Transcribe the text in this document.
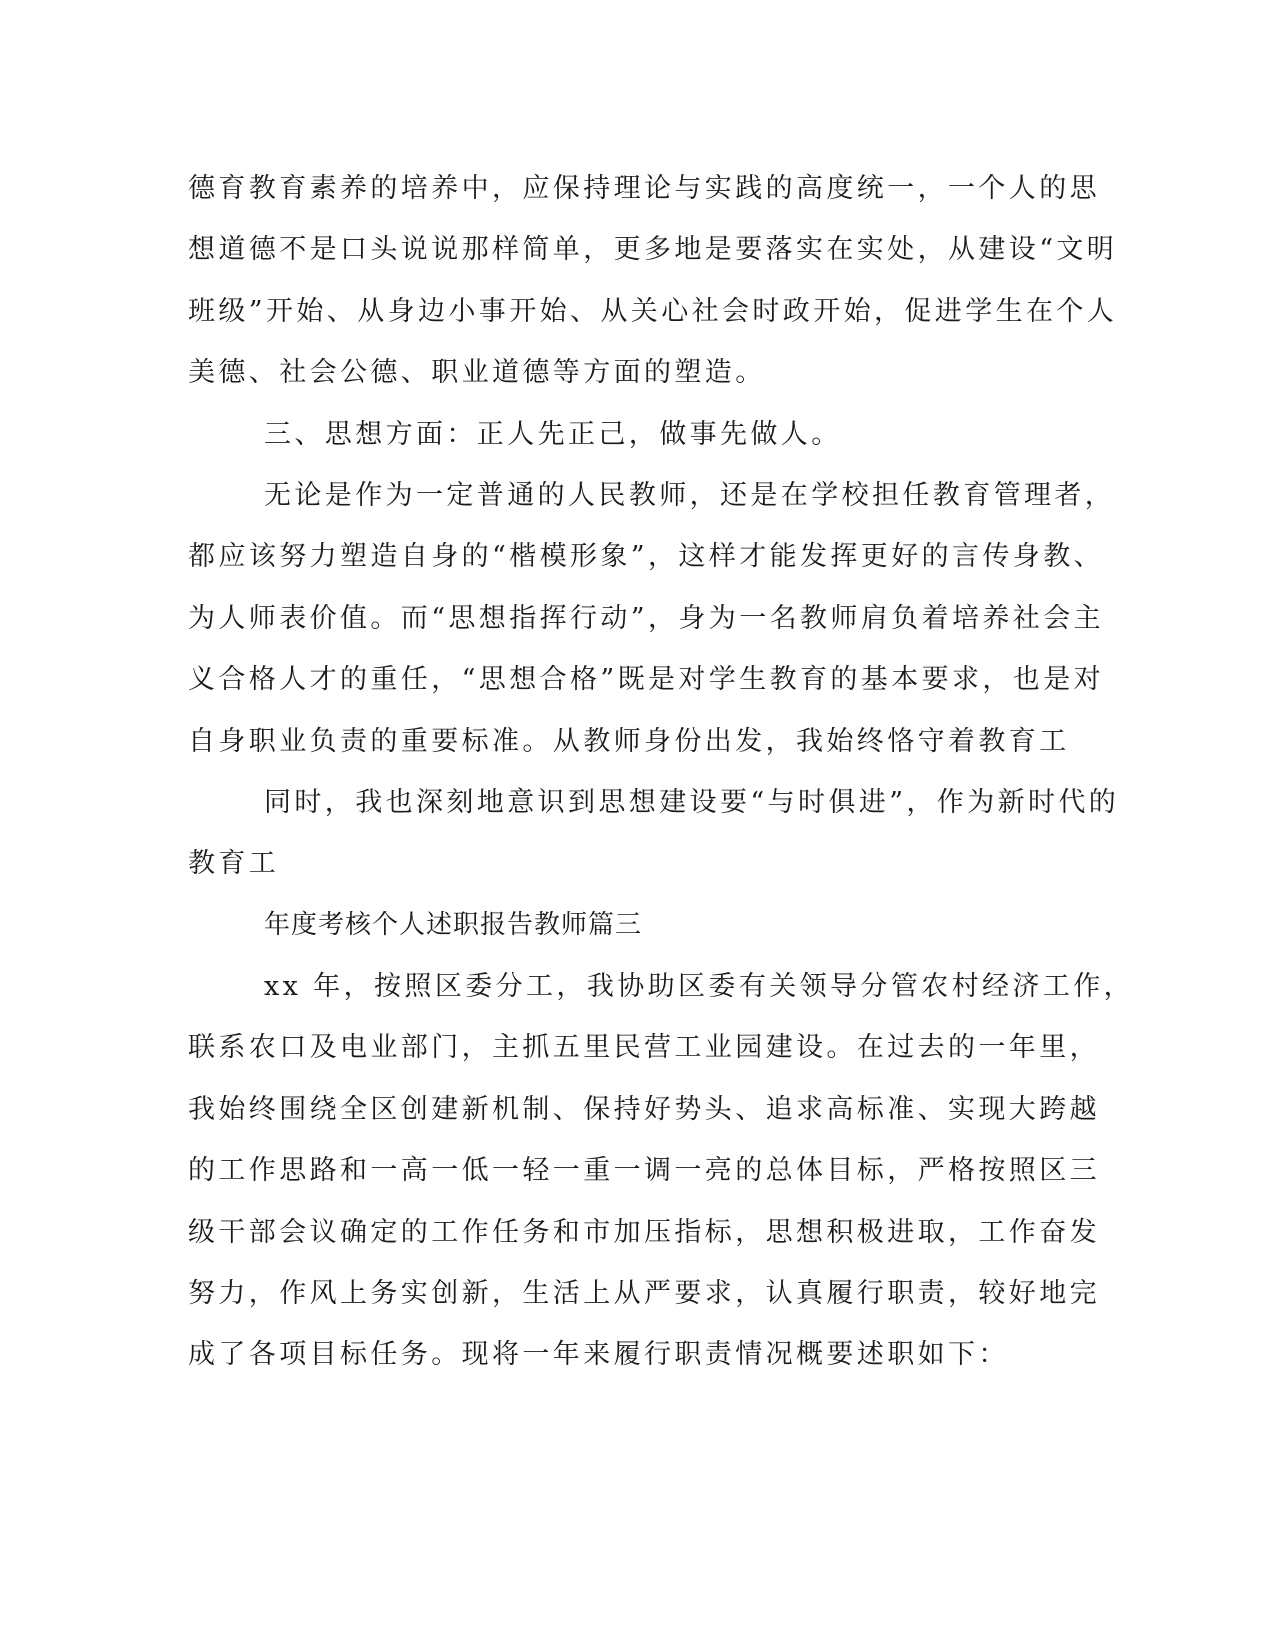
德育教育素养的培养中，应保持理论与实践的高度统一，一个人的思
想道德不是口头说说那样简单，更多地是要落实在实处，从建设“文明
班级”开始、从身边小事开始、从关心社会时政开始，促进学生在个人
美德、社会公德、职业道德等方面的塑造。
三、思想方面：正人先正己，做事先做人。
无论是作为一定普通的人民教师，还是在学校担任教育管理者，
都应该努力塑造自身的“楷模形象”，这样才能发挥更好的言传身教、
为人师表价值。而“思想指挥行动”，身为一名教师肩负着培养社会主
义合格人才的重任，“思想合格”既是对学生教育的基本要求，也是对
自身职业负责的重要标准。从教师身份出发，我始终恪守着教育工
同时，我也深刻地意识到思想建设要“与时俱进”，作为新时代的
教育工
年度考核个人述职报告教师篇三
xx 年，按照区委分工，我协助区委有关领导分管农村经济工作，
联系农口及电业部门，主抓五里民营工业园建设。在过去的一年里，
我始终围绕全区创建新机制、保持好势头、追求高标准、实现大跨越
的工作思路和一高一低一轻一重一调一亮的总体目标，严格按照区三
级干部会议确定的工作任务和市加压指标，思想积极进取，工作奋发
努力，作风上务实创新，生活上从严要求，认真履行职责，较好地完
成了各项目标任务。现将一年来履行职责情况概要述职如下：
